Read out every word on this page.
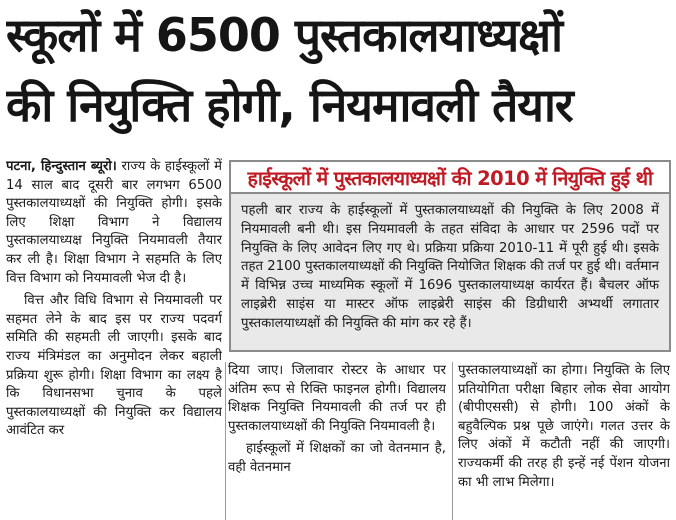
स्कूलों में 6500 पुस्तकालयाध्यक्षों
की नियुक्ति होगी, नियमावली तैयार

पटना, हिन्दुस्तान ब्यूरो। राज्य के हाईस्कूलों में 14 साल बाद दूसरी बार लगभग 6500 पुस्तकालयाध्यक्षों की नियुक्ति होगी। इसके लिए शिक्षा विभाग ने विद्यालय पुस्तकालयाध्यक्ष नियुक्ति नियमावली तैयार कर ली है। शिक्षा विभाग ने सहमति के लिए वित्त विभाग को नियमावली भेज दी है।

वित्त और विधि विभाग से नियमावली पर सहमत लेने के बाद इस पर राज्य पदवर्ग समिति की सहमती ली जाएगी। इसके बाद राज्य मंत्रिमंडल का अनुमोदन लेकर बहाली प्रक्रिया शुरू होगी। शिक्षा विभाग का लक्ष्य है कि विधानसभा चुनाव के पहले पुस्तकालयाध्यक्षों की नियुक्ति कर विद्यालय आवंटित कर

हाईस्कूलों में पुस्तकालयाध्यक्षों की 2010 में नियुक्ति हुई थी
पहली बार राज्य के हाईस्कूलों में पुस्तकालयाध्यक्षों की नियुक्ति के लिए 2008 में नियमावली बनी थी। इस नियमावली के तहत संविदा के आधार पर 2596 पदों पर नियुक्ति के लिए आवेदन लिए गए थे। प्रक्रिया प्रक्रिया 2010-11 में पूरी हुई थी। इसके तहत 2100 पुस्तकालयाध्यक्षों की नियुक्ति नियोजित शिक्षक की तर्ज पर हुई थी। वर्तमान में विभिन्न उच्च माध्यमिक स्कूलों में 1696 पुस्तकालयाध्यक्ष कार्यरत हैं। बैचलर ऑफ लाइब्रेरी साइंस या मास्टर ऑफ लाइब्रेरी साइंस की डिग्रीधारी अभ्यर्थी लगातार पुस्तकालयाध्यक्षों की नियुक्ति की मांग कर रहे हैं।

दिया जाए। जिलावार रोस्टर के आधार पर अंतिम रूप से रिक्ति फाइनल होगी। विद्यालय शिक्षक नियुक्ति नियमावली की तर्ज पर ही पुस्तकालयाध्यक्षों की नियुक्ति नियमावली है।

हाईस्कूलों में शिक्षकों का जो वेतनमान है, वही वेतनमान

पुस्तकालयाध्यक्षों का होगा। नियुक्ति के लिए प्रतियोगिता परीक्षा बिहार लोक सेवा आयोग (बीपीएससी) से होगी। 100 अंकों के बहुवैल्पिक प्रश्न पूछे जाएंगे। गलत उत्तर के लिए अंकों में कटौती नहीं की जाएगी। राज्यकर्मी की तरह ही इन्हें नई पेंशन योजना का भी लाभ मिलेगा।
